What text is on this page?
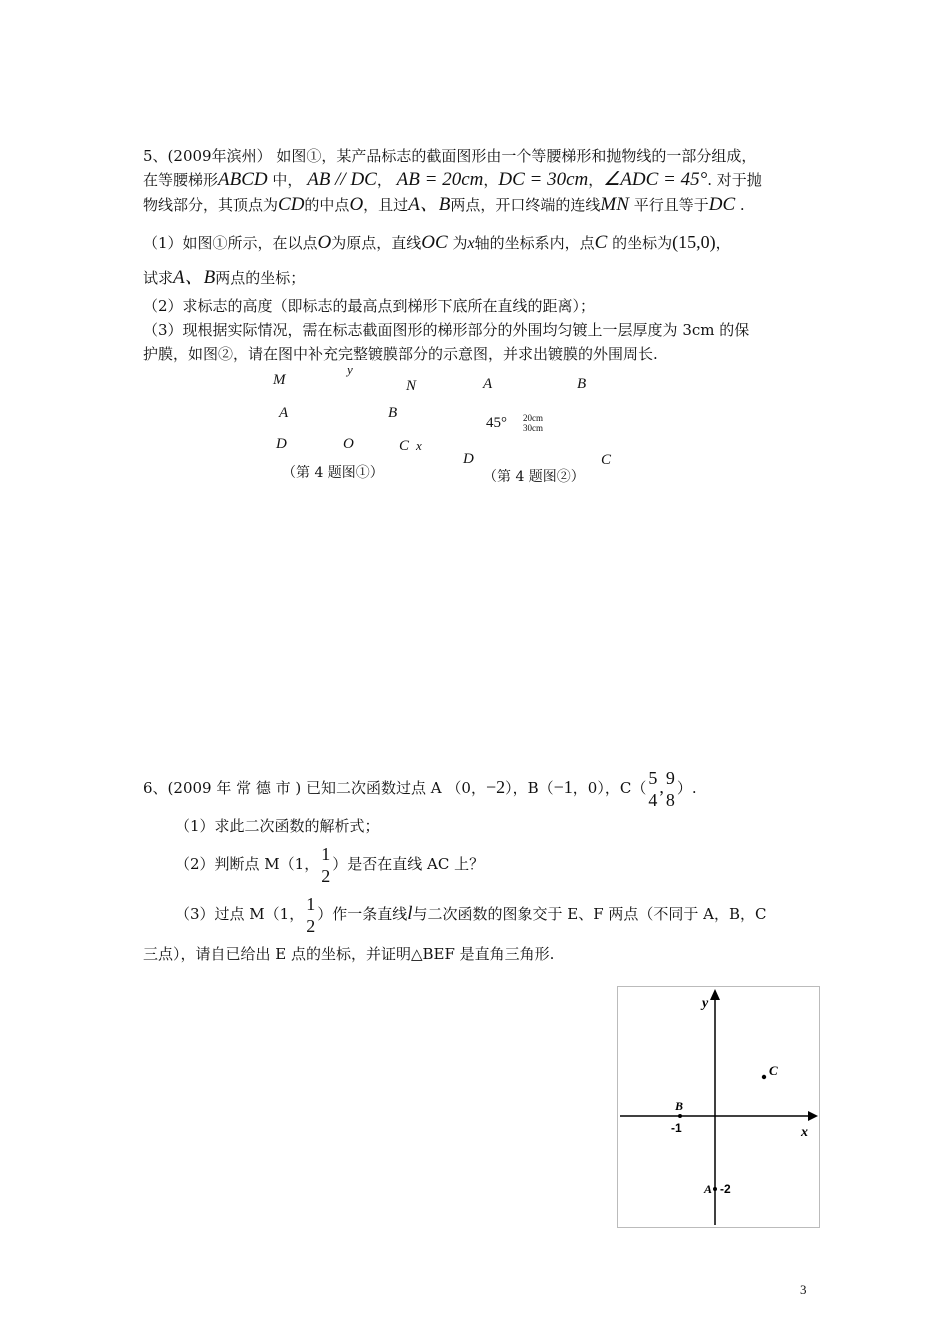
5、(2009年滨州） 如图①，某产品标志的截面图形由一个等腰梯形和抛物线的一部分组成，
在等腰梯形ABCD 中， AB // DC， AB = 20cm，DC = 30cm，∠ADC = 45°. 对于抛
物线部分，其顶点为CD的中点O，且过A、B两点，开口终端的连线MN 平行且等于DC .
（1）如图①所示，在以点O为原点，直线OC 为x轴的坐标系内，点C 的坐标为(15,0)，
试求A、B两点的坐标；
（2）求标志的高度（即标志的最高点到梯形下底所在直线的距离）；
（3）现根据实际情况，需在标志截面图形的梯形部分的外围均匀镀上一层厚度为 3cm 的保
护膜，如图②，请在图中补充完整镀膜部分的示意图，并求出镀膜的外围周长.
M
y
N
A	B
D	O	C x
（第 4 题图①）
A	B
45° 20cm
30cm
D	C
（第 4 题图②）
6、(2009 年 常 德 市 ) 已知二次函数过点 A （0，−2），B（−1，0），C（ 5
4
, 9
8
）.
（1）求此二次函数的解析式；
（2）判断点 M（1， 1
2
）是否在直线 AC 上？
（3）过点 M（1， 1
2
）作一条直线l与二次函数的图象交于 E、F 两点（不同于 A，B，C
三点），请自已给出 E 点的坐标，并证明△BEF 是直角三角形.
y
x
C
B
-1
A -2
3
